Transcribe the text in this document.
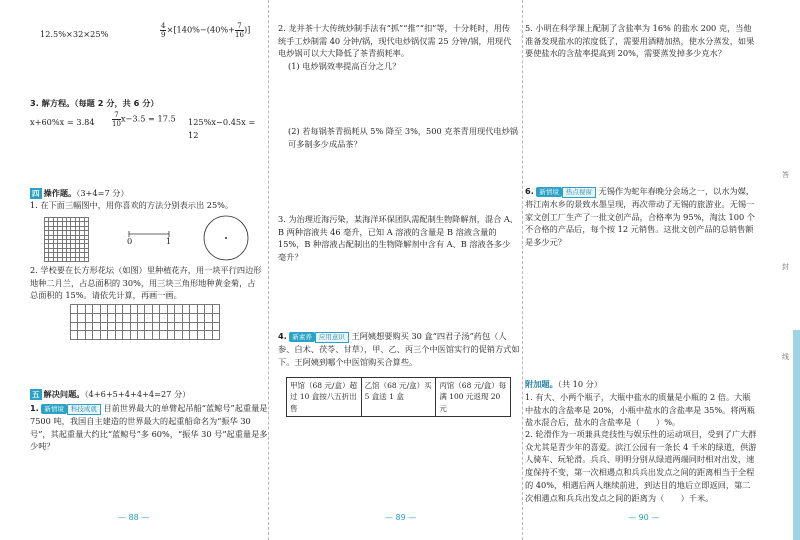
12.5%×32×25%	$\frac{4}{9}\times[140\%-(40\%+ \frac{7}{16})]$
3. 解方程。（每题 2 分，共 6 分）
$x+60\%x = 3.84 \frac{7}{10}x-3.5 = 17.5$ 125%x−0.45x = 12
四 操作题。（3+4=7 分）
1. 在下面三幅图中，用你喜欢的方法分别表示出 25%。
0	1
2. 学校要在长方形花坛（如图）里种植花卉，用一块平行四边形地种二月兰，占总面积的 30%，用三块三角形地种黄金菊，占总面积的 15%。请依先计算，再画一画。
五 解决问题。（4+6+5+4+4+4=27 分）
1. 新情境 科技成就 目前世界最大的单臂起吊船“蓝鲸号”起重量是 7500 吨，我国自主建造的世界最大的起重船命名为“振华 30 号”，其起重量大约比“蓝鲸号”多 60%，“振华 30 号”起重量是多少吨？
— 88 —
2. 龙井茶十大传统炒制手法有“抓”“推”“扣”等，十分耗时，用传统手工炒制需 40 分钟/锅，现代电炒锅仅需 25 分钟/锅，用现代电炒锅可以大大降低了茶青损耗率。
(1) 电炒锅效率提高百分之几？
(2) 若每锅茶青损耗从 5% 降至 3%，500 克茶青用现代电炒锅可多制多少成品茶？
3. 为治理近海污染，某海洋环保团队需配制生物降解剂，混合 A、B 两种溶液共 46 毫升，已知 A 溶液的含量是 B 溶液含量的 15%，B 种溶液占配制出的生物降解剂中含有 A、B 溶液各多少毫升？
4. 新素养 应用意识 王阿姨想要购买 30 盒“四君子汤”药包（人参、白术、茯苓、甘草），甲、乙、丙三个中医馆实行的促销方式如下。王阿姨到哪个中医馆购买合算些。
甲馆（68 元/盒）超过 10 盒按八五折出售	乙馆（68 元/盒）买 5 盒送 1 盒	丙馆（68 元/盒）每满 100 元返现 20 元
— 89 —
5. 小明在科学课上配制了含盐率为 16% 的盐水 200 克，当他准备发现盐水的浓度低了，需要用酒精加热，使水分蒸发，如果要使盐水的含盐率提高到 20%，需要蒸发掉多少克水？
6. 新情境 热点视窗 无锡作为蛇年春晚分会场之一，以水为媒，将江南水乡的景致水墨呈现，再次带动了无锡的旅游业。无锡一家文创工厂生产了一批文创产品，合格率为 95%，淘汰 100 个不合格的产品后，每个按 12 元销售。这批文创产品的总销售额是多少元？
附加题。（共 10 分）
1. 有大、小两个瓶子，大瓶中盐水的质量是小瓶的 2 倍。大瓶中盐水的含盐率是 20%，小瓶中盐水的含盐率是 35%。将两瓶盐水混合后，盐水的含盐率是（　　）%。
2. 轮滑作为一项兼具竞技性与娱乐性的运动项目，受到了广大群众尤其是青少年的喜爱。滨江公园有一条长 4 千米的绿道，供游人骑车、玩轮滑。兵兵、明明分别从绿道两端同时相对出发，速度保持不变，第一次相遇点和兵兵出发点之间的距离相当于全程的 40%，相遇后两人继续前进，到达目的地后立即返回，第二次相遇点和兵兵出发点之间的距离为（　　）千米。
— 90 —
答
封
线
